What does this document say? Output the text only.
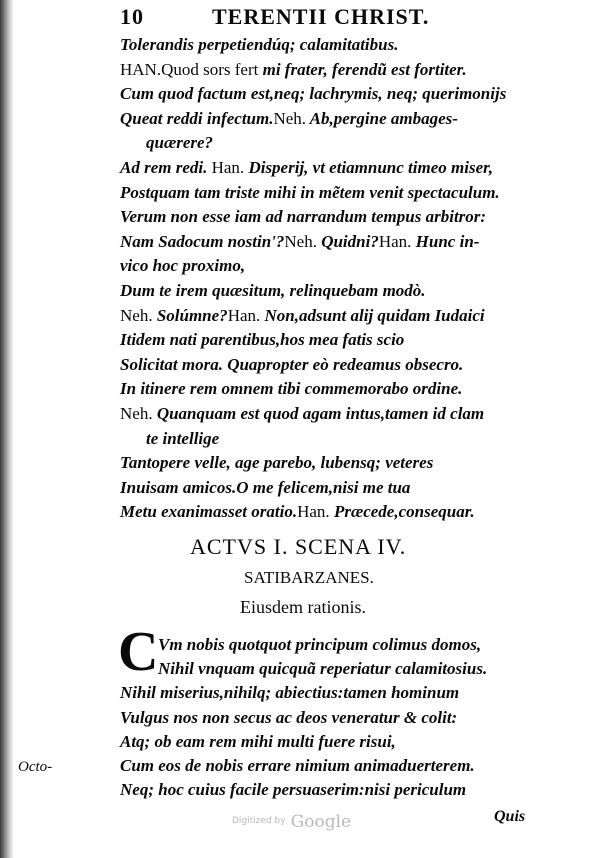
10	TERENTII CHRIST.
Tolerandis perpetiendúq; calamitatibus.
HAN.Quod sors fert mi frater, ferendũ est fortiter.
Cum quod factum est,neq; lachrymis, neq; querimonijs
Queat reddi infectum.Neh. Ab,pergine ambages-
quærere?
Ad rem redi. Han. Disperij, vt etiamnunc timeo miser,
Postquam tam triste mihi in mẽtem venit spectaculum.
Verum non esse iam ad narrandum tempus arbitror:
Nam Sadocum nostin'?Neh. Quidni?Han. Hunc in-
vico hoc proximo,
Dum te irem quæsitum, relinquebam modò.
Neh. Solúmne?Han. Non,adsunt alij quidam Iudaici
Itidem nati parentibus,hos mea fatis scio
Solicitat mora. Quapropter eò redeamus obsecro.
In itinere rem omnem tibi commemorabo ordine.
Neh. Quanquam est quod agam intus,tamen id clam
te intellige
Tantopere velle, age parebo, lubensq; veteres
Inuisam amicos.O me felicem,nisi me tua
Metu exanimasset oratio.Han. Præcede,consequar.
ACTVS I. SCENA IV.
SATIBARZANES.
Eiusdem rationis.
C Vm nobis quotquot principum colimus domos,
Nihil vnquam quicquã reperiatur calamitosius.
Nihil miserius,nihilq; abiectius:tamen hominum
Vulgus nos non secus ac deos veneratur & colit:
Atq; ob eam rem mihi multi fuere risui,
Cum eos de nobis errare nimium animaduerterem.
Neq; hoc cuius facile persuaserim:nisi periculum
Octo-
Quis
$^{Digitized by}$ Google
